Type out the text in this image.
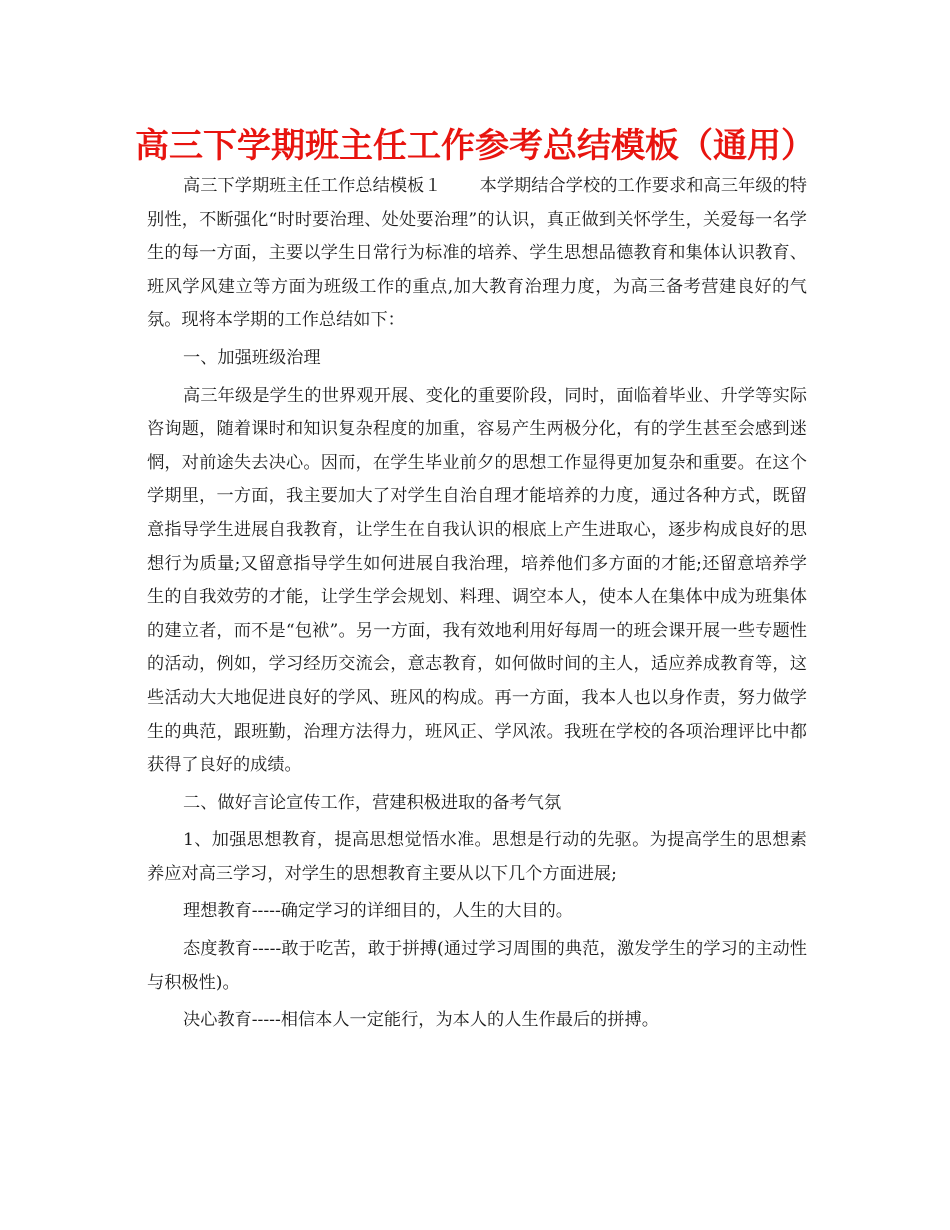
高三下学期班主任工作参考总结模板（通用）

高三下学期班主任工作总结模板１ 本学期结合学校的工作要求和高三年级的特别性，不断强化“时时要治理、处处要治理”的认识，真正做到关怀学生，关爱每一名学生的每一方面，主要以学生日常行为标准的培养、学生思想品德教育和集体认识教育、班风学风建立等方面为班级工作的重点,加大教育治理力度，为高三备考营建良好的气氛。现将本学期的工作总结如下：

一、加强班级治理

高三年级是学生的世界观开展、变化的重要阶段，同时，面临着毕业、升学等实际咨询题，随着课时和知识复杂程度的加重，容易产生两极分化，有的学生甚至会感到迷惘，对前途失去决心。因而，在学生毕业前夕的思想工作显得更加复杂和重要。在这个学期里，一方面，我主要加大了对学生自治自理才能培养的力度，通过各种方式，既留意指导学生进展自我教育，让学生在自我认识的根底上产生进取心，逐步构成良好的思想行为质量;又留意指导学生如何进展自我治理，培养他们多方面的才能;还留意培养学生的自我效劳的才能，让学生学会规划、料理、调空本人，使本人在集体中成为班集体的建立者，而不是“包袱”。另一方面，我有效地利用好每周一的班会课开展一些专题性的活动，例如，学习经历交流会，意志教育，如何做时间的主人，适应养成教育等，这些活动大大地促进良好的学风、班风的构成。再一方面，我本人也以身作责，努力做学生的典范，跟班勤，治理方法得力，班风正、学风浓。我班在学校的各项治理评比中都获得了良好的成绩。

二、做好言论宣传工作，营建积极进取的备考气氛

1、加强思想教育，提高思想觉悟水准。思想是行动的先驱。为提高学生的思想素养应对高三学习，对学生的思想教育主要从以下几个方面进展;

理想教育-----确定学习的详细目的，人生的大目的。

态度教育-----敢于吃苦，敢于拼搏(通过学习周围的典范，激发学生的学习的主动性与积极性)。

决心教育-----相信本人一定能行，为本人的人生作最后的拼搏。
